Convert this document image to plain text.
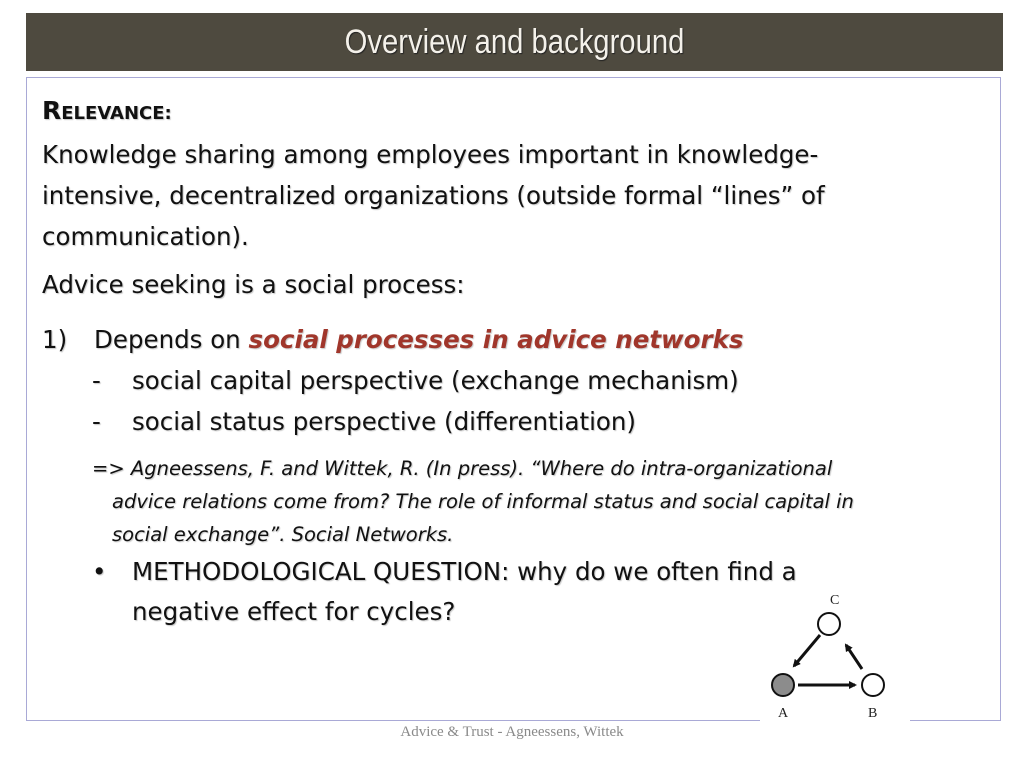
Overview and background
RELEVANCE:
Knowledge sharing among employees important in knowledge-
intensive, decentralized organizations (outside formal “lines” of
communication).
Advice seeking is a social process:
1) Depends on social processes in advice networks
- social capital perspective (exchange mechanism)
- social status perspective (differentiation)
=> Agneessens, F. and Wittek, R. (In press). “Where do intra-organizational
advice relations come from? The role of informal status and social capital in
social exchange”. Social Networks.
• METHODOLOGICAL QUESTION: why do we often find a
negative effect for cycles?	C
A	B
Advice & Trust - Agneessens, Wittek
